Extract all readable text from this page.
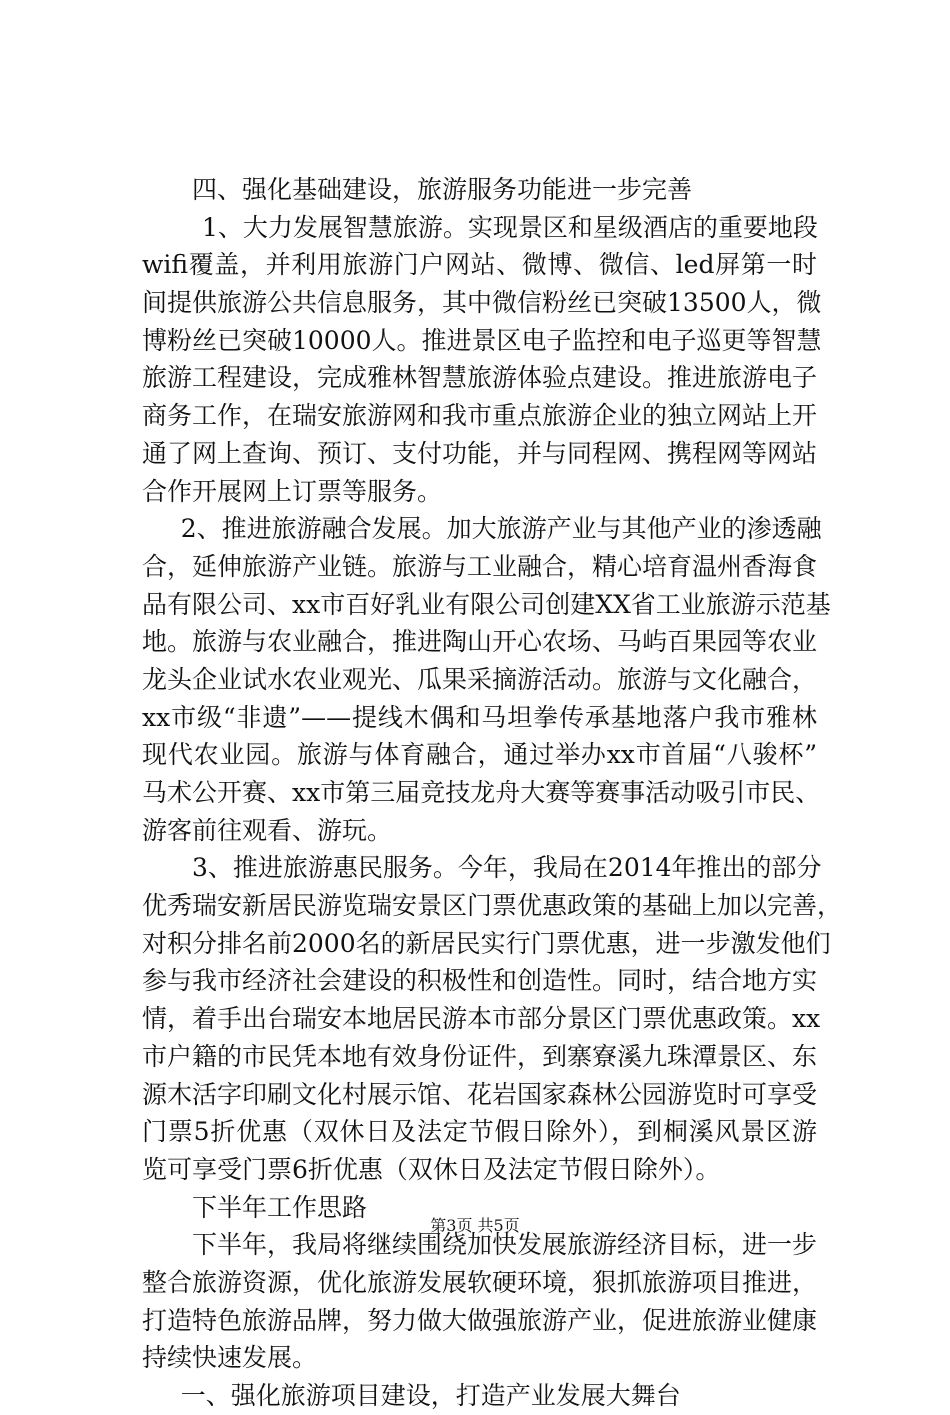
四、强化基础建设，旅游服务功能进一步完善
1、大力发展智慧旅游。实现景区和星级酒店的重要地段
wifi覆盖，并利用旅游门户网站、微博、微信、led屏第一时
间提供旅游公共信息服务，其中微信粉丝已突破13500人，微
博粉丝已突破10000人。推进景区电子监控和电子巡更等智慧
旅游工程建设，完成雅林智慧旅游体验点建设。推进旅游电子
商务工作，在瑞安旅游网和我市重点旅游企业的独立网站上开
通了网上查询、预订、支付功能，并与同程网、携程网等网站
合作开展网上订票等服务。
2、推进旅游融合发展。加大旅游产业与其他产业的渗透融
合，延伸旅游产业链。旅游与工业融合，精心培育温州香海食
品有限公司、xx市百好乳业有限公司创建XX省工业旅游示范基
地。旅游与农业融合，推进陶山开心农场、马屿百果园等农业
龙头企业试水农业观光、瓜果采摘游活动。旅游与文化融合，
xx市级“非遗”——提线木偶和马坦拳传承基地落户我市雅林
现代农业园。旅游与体育融合，通过举办xx市首届“八骏杯”
马术公开赛、xx市第三届竞技龙舟大赛等赛事活动吸引市民、
游客前往观看、游玩。
3、推进旅游惠民服务。今年，我局在2014年推出的部分
优秀瑞安新居民游览瑞安景区门票优惠政策的基础上加以完善，
对积分排名前2000名的新居民实行门票优惠，进一步激发他们
参与我市经济社会建设的积极性和创造性。同时，结合地方实
情，着手出台瑞安本地居民游本市部分景区门票优惠政策。xx
市户籍的市民凭本地有效身份证件，到寨寮溪九珠潭景区、东
源木活字印刷文化村展示馆、花岩国家森林公园游览时可享受
门票5折优惠（双休日及法定节假日除外），到桐溪风景区游
览可享受门票6折优惠（双休日及法定节假日除外）。
下半年工作思路
下半年，我局将继续围绕加快发展旅游经济目标，进一步
整合旅游资源，优化旅游发展软硬环境，狠抓旅游项目推进，
打造特色旅游品牌，努力做大做强旅游产业，促进旅游业健康
持续快速发展。
一、强化旅游项目建设，打造产业发展大舞台
第3页 共5页
